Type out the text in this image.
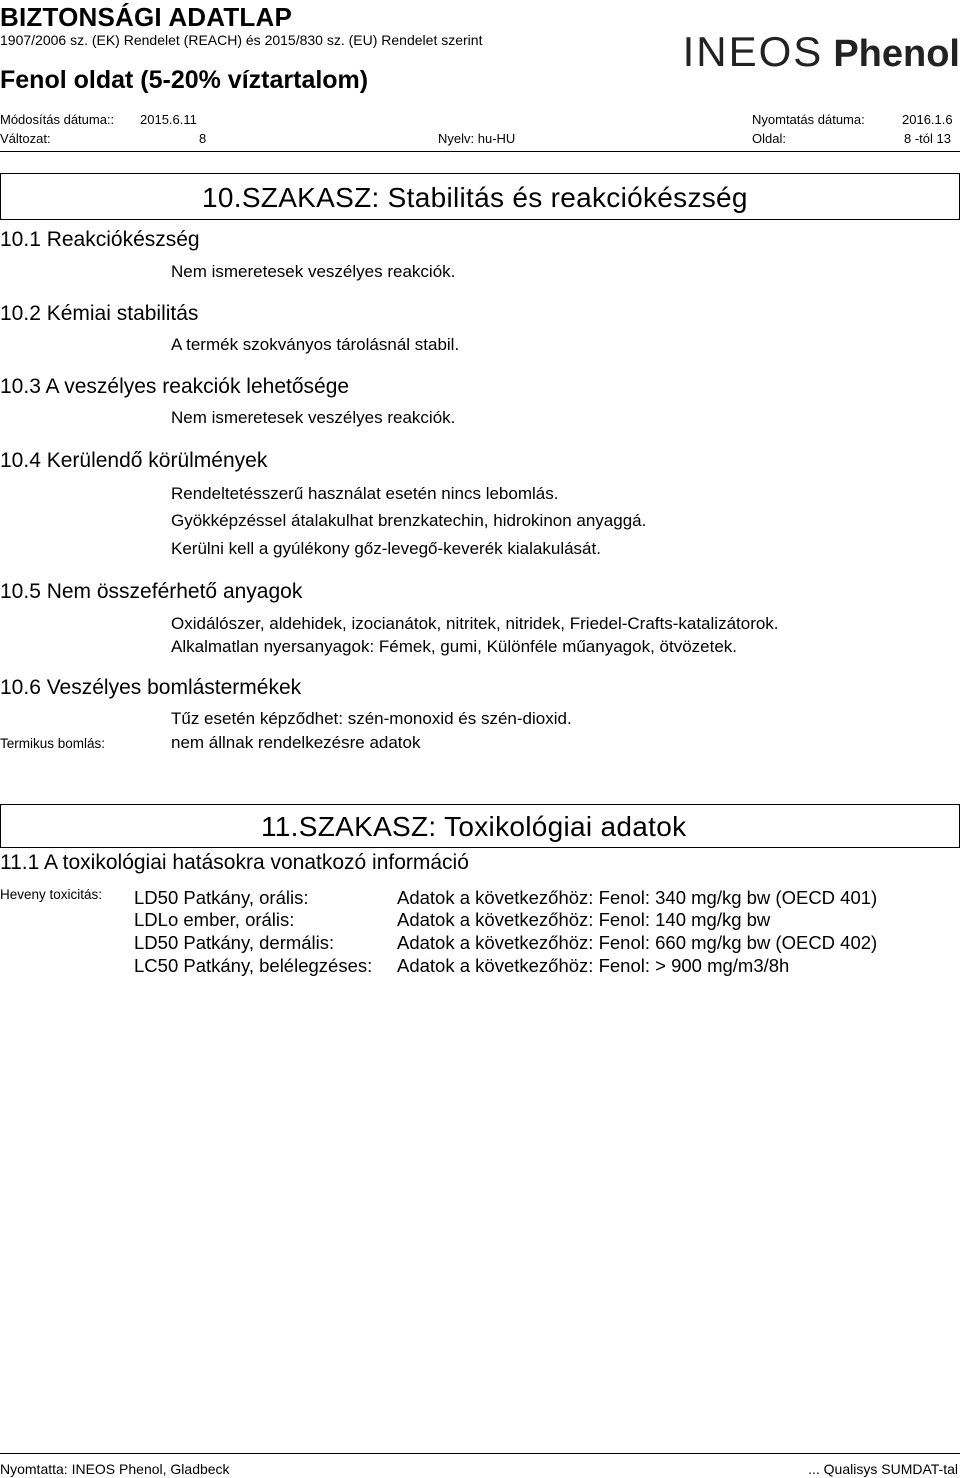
BIZTONSÁGI ADATLAP
1907/2006 sz. (EK) Rendelet (REACH) és 2015/830 sz. (EU) Rendelet szerint
Fenol oldat (5-20% víztartalom)
INEOS Phenol
Módosítás dátuma:: 2015.6.11	Nyomtatás dátuma:	2016.1.6
Változat:	8	Nyelv: hu-HU	Oldal:	8 -tól 13
10.SZAKASZ: Stabilitás és reakciókészség
10.1 Reakciókészség
Nem ismeretesek veszélyes reakciók.
10.2 Kémiai stabilitás
A termék szokványos tárolásnál stabil.
10.3 A veszélyes reakciók lehetősége
Nem ismeretesek veszélyes reakciók.
10.4 Kerülendő körülmények
Rendeltetésszerű használat esetén nincs lebomlás.
Gyökképzéssel átalakulhat brenzkatechin, hidrokinon anyaggá.
Kerülni kell a gyúlékony gőz-levegő-keverék kialakulását.
10.5 Nem összeférhető anyagok
Oxidálószer, aldehidek, izocianátok, nitritek, nitridek, Friedel-Crafts-katalizátorok.
Alkalmatlan nyersanyagok: Fémek, gumi, Különféle műanyagok, ötvözetek.
10.6 Veszélyes bomlástermékek
Tűz esetén képződhet: szén-monoxid és szén-dioxid.
Termikus bomlás:	nem állnak rendelkezésre adatok
11.SZAKASZ: Toxikológiai adatok
11.1 A toxikológiai hatásokra vonatkozó információ
Heveny toxicitás: LD50 Patkány, orális:	Adatok a következőhöz: Fenol: 340 mg/kg bw (OECD 401)
LDLo ember, orális:	Adatok a következőhöz: Fenol: 140 mg/kg bw
LD50 Patkány, dermális:	Adatok a következőhöz: Fenol: 660 mg/kg bw (OECD 402)
LC50 Patkány, belélegzéses: Adatok a következőhöz: Fenol: > 900 mg/m3/8h
Nyomtatta: INEOS Phenol, Gladbeck	... Qualisys SUMDAT-tal
